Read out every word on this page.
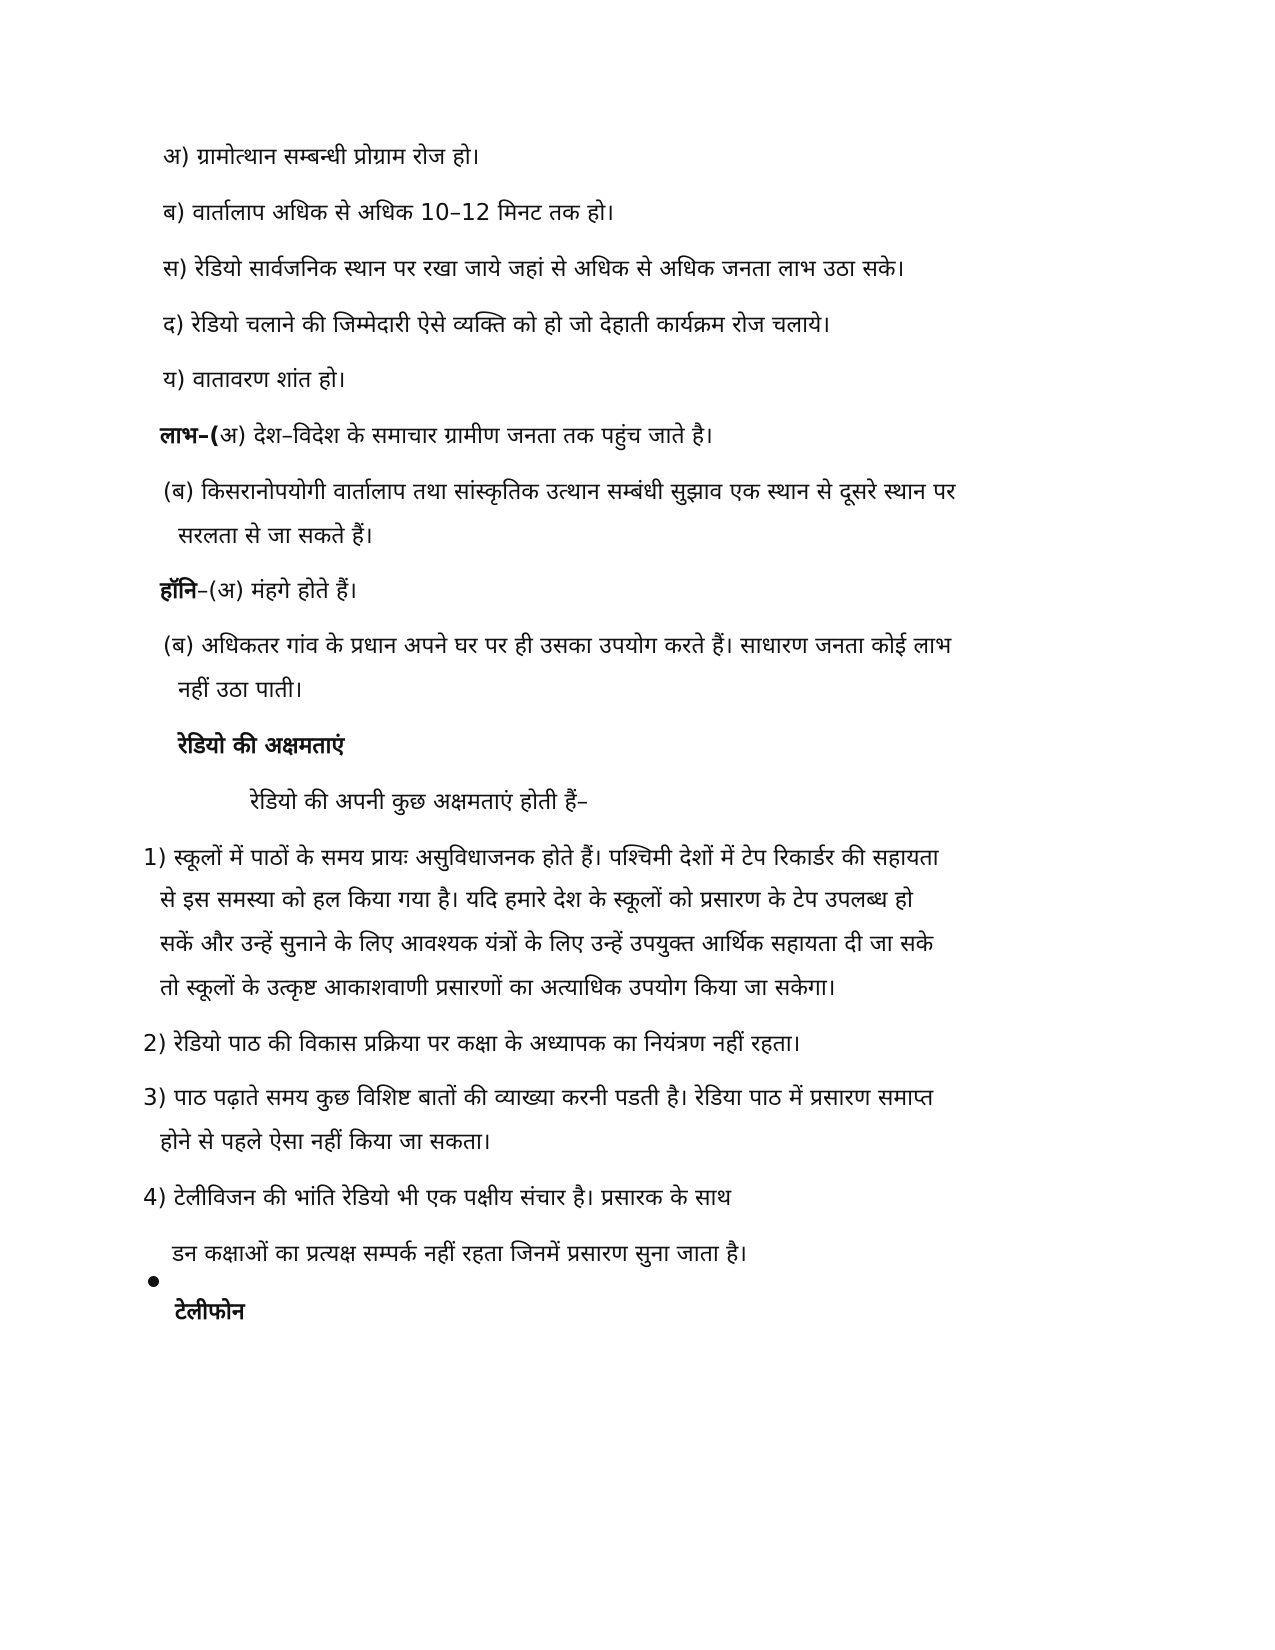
अ) ग्रामोत्थान सम्बन्धी प्रोग्राम रोज हो।
ब) वार्तालाप अधिक से अधिक 10–12 मिनट तक हो।
स) रेडियो सार्वजनिक स्थान पर रखा जाये जहां से अधिक से अधिक जनता लाभ उठा सके।
द) रेडियो चलाने की जिम्मेदारी ऐसे व्यक्ति को हो जो देहाती कार्यक्रम रोज चलाये।
य) वातावरण शांत हो।
लाभ–(अ) देश–विदेश के समाचार ग्रामीण जनता तक पहुंच जाते है।
(ब) किसरानोपयोगी वार्तालाप तथा सांस्कृतिक उत्थान सम्बंधी सुझाव एक स्थान से दूसरे स्थान पर
सरलता से जा सकते हैं।
हॉनि–(अ) मंहगे होते हैं।
(ब) अधिकतर गांव के प्रधान अपने घर पर ही उसका उपयोग करते हैं। साधारण जनता कोई लाभ
नहीं उठा पाती।
रेडियो की अक्षमताएं
रेडियो की अपनी कुछ अक्षमताएं होती हैं–
1) स्कूलों में पाठों के समय प्रायः असुविधाजनक होते हैं। पश्चिमी देशों में टेप रिकार्डर की सहायता
से इस समस्या को हल किया गया है। यदि हमारे देश के स्कूलों को प्रसारण के टेप उपलब्ध हो
सकें और उन्हें सुनाने के लिए आवश्यक यंत्रों के लिए उन्हें उपयुक्त आर्थिक सहायता दी जा सके
तो स्कूलों के उत्कृष्ट आकाशवाणी प्रसारणों का अत्याधिक उपयोग किया जा सकेगा।
2) रेडियो पाठ की विकास प्रक्रिया पर कक्षा के अध्यापक का नियंत्रण नहीं रहता।
3) पाठ पढ़ाते समय कुछ विशिष्ट बातों की व्याख्या करनी पडती है। रेडिया पाठ में प्रसारण समाप्त
होने से पहले ऐसा नहीं किया जा सकता।
4) टेलीविजन की भांति रेडियो भी एक पक्षीय संचार है। प्रसारक के साथ
डन कक्षाओं का प्रत्यक्ष सम्पर्क नहीं रहता जिनमें प्रसारण सुना जाता है।
टेलीफोन
